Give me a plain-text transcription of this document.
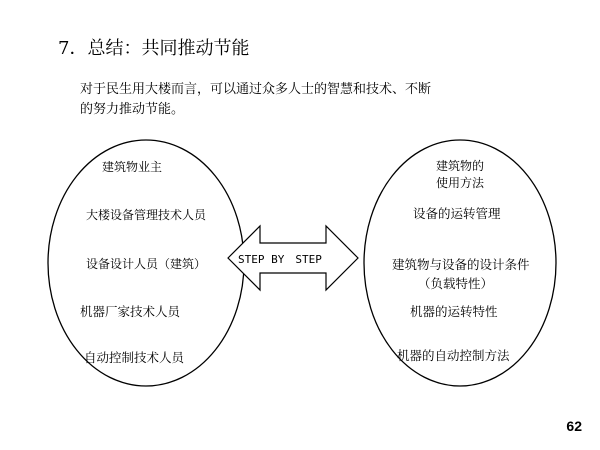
7．总结：共同推动节能
对于民生用大楼而言，可以通过众多人士的智慧和技术、不断
的努力推动节能。
建筑物业主
大楼设备管理技术人员
设备设计人员（建筑）
机器厂家技术人员
自动控制技术人员
STEP BY　STEP
建筑物的
使用方法
设备的运转管理
建筑物与设备的设计条件
（负载特性）
机器的运转特性
机器的自动控制方法
62
